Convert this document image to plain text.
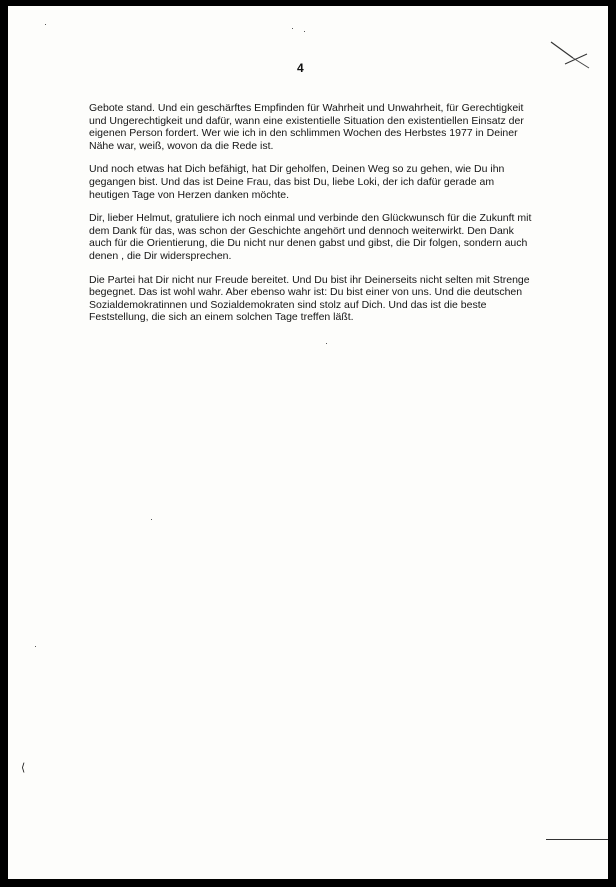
4

Gebote stand. Und ein geschärftes Empfinden für Wahrheit und Unwahrheit, für Gerechtigkeit und Ungerechtigkeit und dafür, wann eine existentielle Situation den existentiellen Einsatz der eigenen Person fordert. Wer wie ich in den schlimmen Wochen des Herbstes 1977 in Deiner Nähe war, weiß, wovon da die Rede ist.

Und noch etwas hat Dich befähigt, hat Dir geholfen, Deinen Weg so zu gehen, wie Du ihn gegangen bist. Und das ist Deine Frau, das bist Du, liebe Loki, der ich dafür gerade am heutigen Tage von Herzen danken möchte.

Dir, lieber Helmut, gratuliere ich noch einmal und verbinde den Glückwunsch für die Zukunft mit dem Dank für das, was schon der Geschichte angehört und dennoch weiterwirkt. Den Dank auch für die Orientierung, die Du nicht nur denen gabst und gibst, die Dir folgen, sondern auch denen , die Dir widersprechen.

Die Partei hat Dir nicht nur Freude bereitet. Und Du bist ihr Deinerseits nicht selten mit Strenge begegnet. Das ist wohl wahr. Aber ebenso wahr ist: Du bist einer von uns. Und die deutschen Sozialdemokratinnen und Sozialdemokraten sind stolz auf Dich. Und das ist die beste Feststellung, die sich an einem solchen Tage treffen läßt.

⟨
